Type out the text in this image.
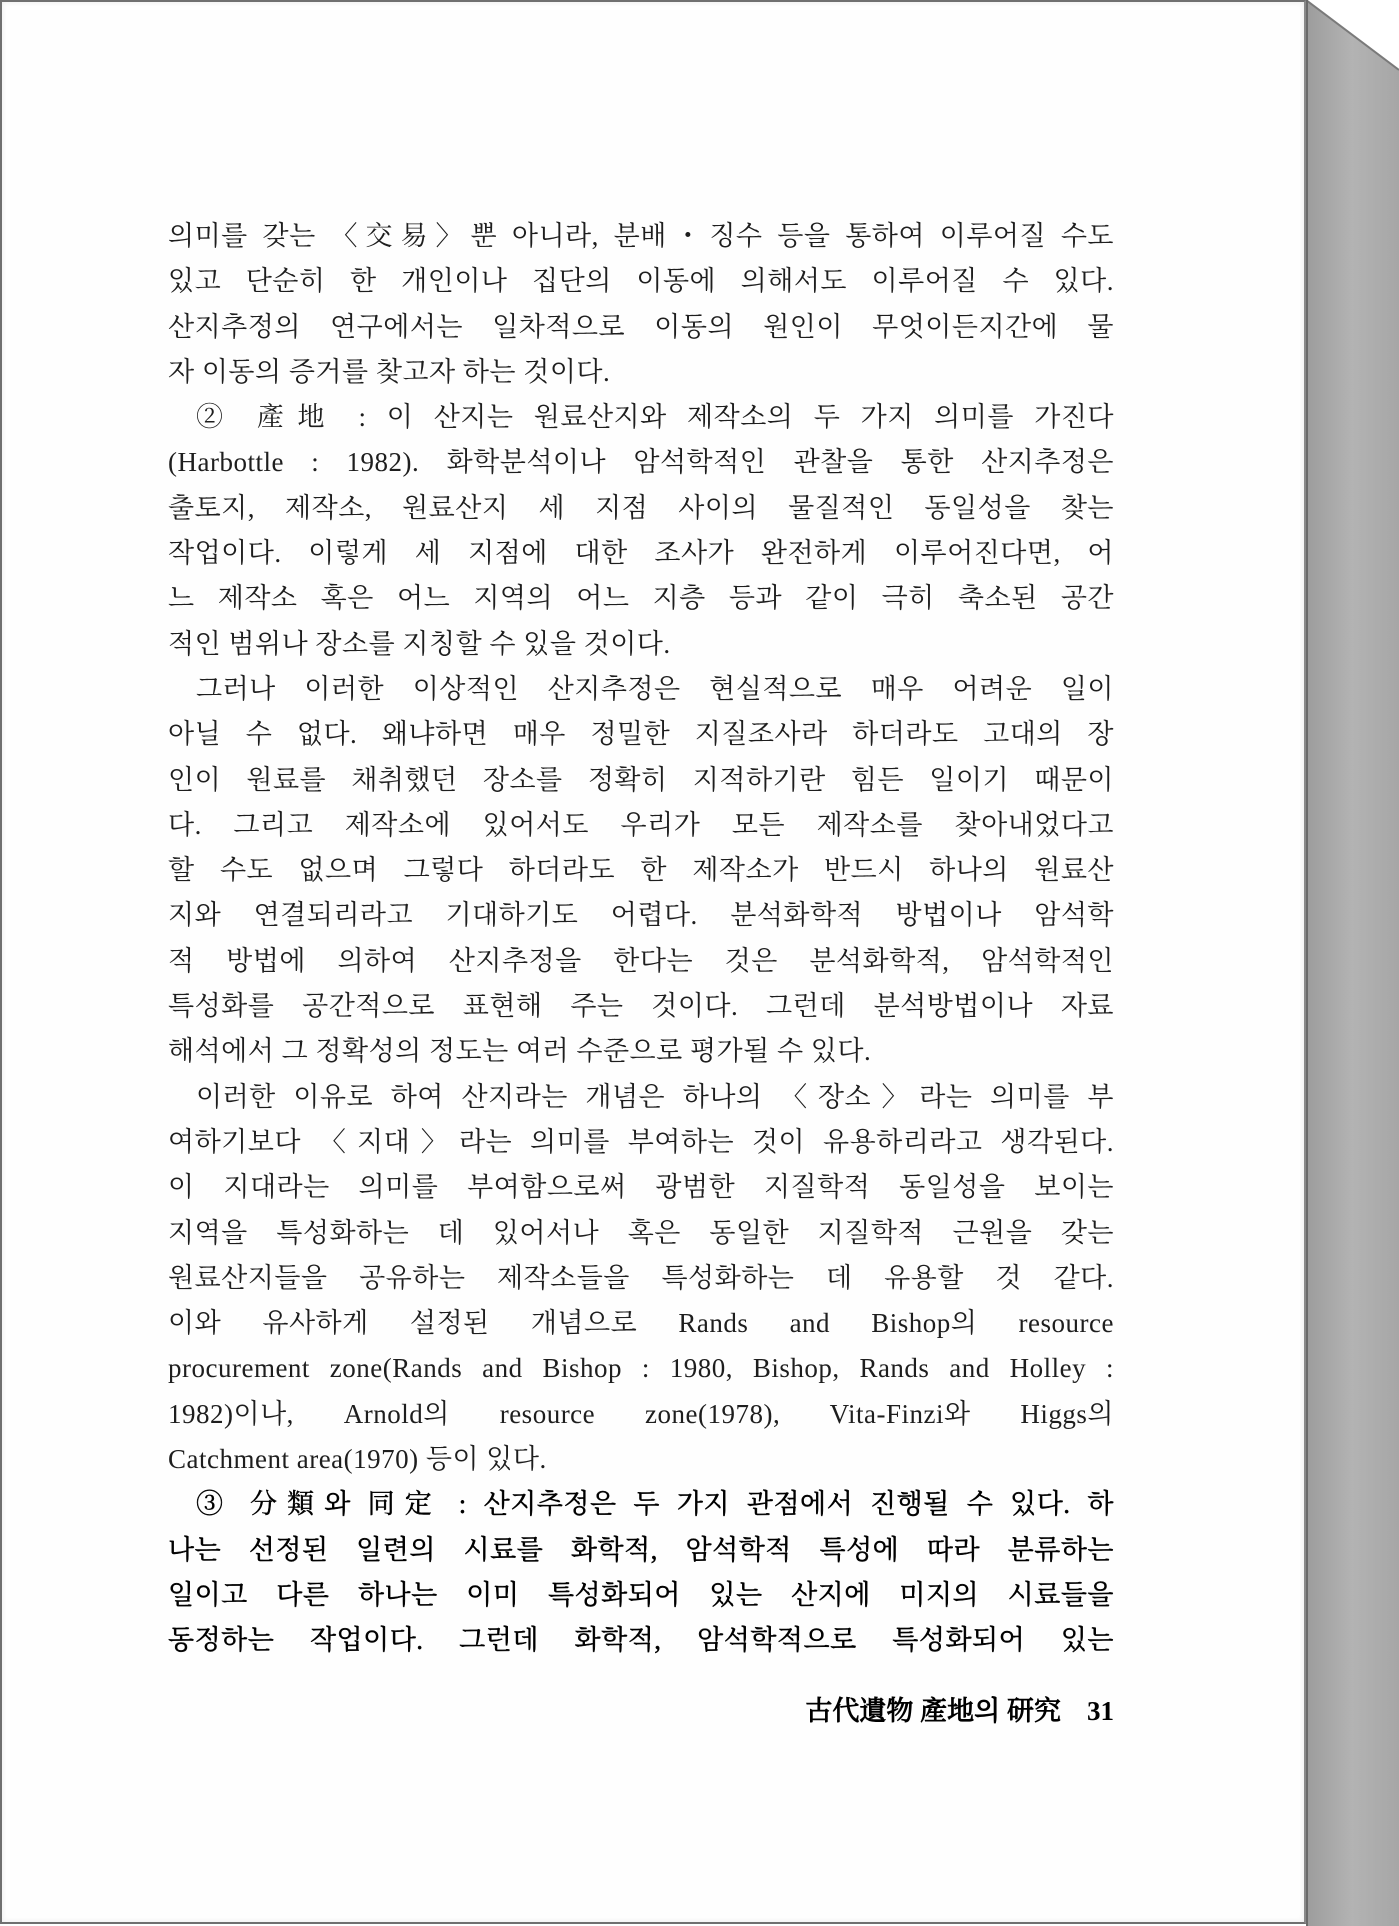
의미를 갖는 〈交易〉뿐 아니라, 분배・징수 등을 통하여 이루어질 수도
있고 단순히 한 개인이나 집단의 이동에 의해서도 이루어질 수 있다.
산지추정의 연구에서는 일차적으로 이동의 원인이 무엇이든지간에 물
자 이동의 증거를 찾고자 하는 것이다.
② 產地 : 이 산지는 원료산지와 제작소의 두 가지 의미를 가진다
(Harbottle : 1982). 화학분석이나 암석학적인 관찰을 통한 산지추정은
출토지, 제작소, 원료산지 세 지점 사이의 물질적인 동일성을 찾는
작업이다. 이렇게 세 지점에 대한 조사가 완전하게 이루어진다면, 어
느 제작소 혹은 어느 지역의 어느 지층 등과 같이 극히 축소된 공간
적인 범위나 장소를 지칭할 수 있을 것이다.
그러나 이러한 이상적인 산지추정은 현실적으로 매우 어려운 일이
아닐 수 없다. 왜냐하면 매우 정밀한 지질조사라 하더라도 고대의 장
인이 원료를 채취했던 장소를 정확히 지적하기란 힘든 일이기 때문이
다. 그리고 제작소에 있어서도 우리가 모든 제작소를 찾아내었다고
할 수도 없으며 그렇다 하더라도 한 제작소가 반드시 하나의 원료산
지와 연결되리라고 기대하기도 어렵다. 분석화학적 방법이나 암석학
적 방법에 의하여 산지추정을 한다는 것은 분석화학적, 암석학적인
특성화를 공간적으로 표현해 주는 것이다. 그런데 분석방법이나 자료
해석에서 그 정확성의 정도는 여러 수준으로 평가될 수 있다.
이러한 이유로 하여 산지라는 개념은 하나의 〈장소〉라는 의미를 부
여하기보다 〈지대〉라는 의미를 부여하는 것이 유용하리라고 생각된다.
이 지대라는 의미를 부여함으로써 광범한 지질학적 동일성을 보이는
지역을 특성화하는 데 있어서나 혹은 동일한 지질학적 근원을 갖는
원료산지들을 공유하는 제작소들을 특성화하는 데 유용할 것 같다.
이와 유사하게 설정된 개념으로 Rands and Bishop의 resource
procurement zone(Rands and Bishop : 1980, Bishop, Rands and Holley :
1982)이나, Arnold의 resource zone(1978), Vita-Finzi와 Higgs의
Catchment area(1970) 등이 있다.
③ 分類와 同定 : 산지추정은 두 가지 관점에서 진행될 수 있다. 하
나는 선정된 일련의 시료를 화학적, 암석학적 특성에 따라 분류하는
일이고 다른 하나는 이미 특성화되어 있는 산지에 미지의 시료들을
동정하는 작업이다. 그런데 화학적, 암석학적으로 특성화되어 있는
古代遺物 產地의 研究 31
